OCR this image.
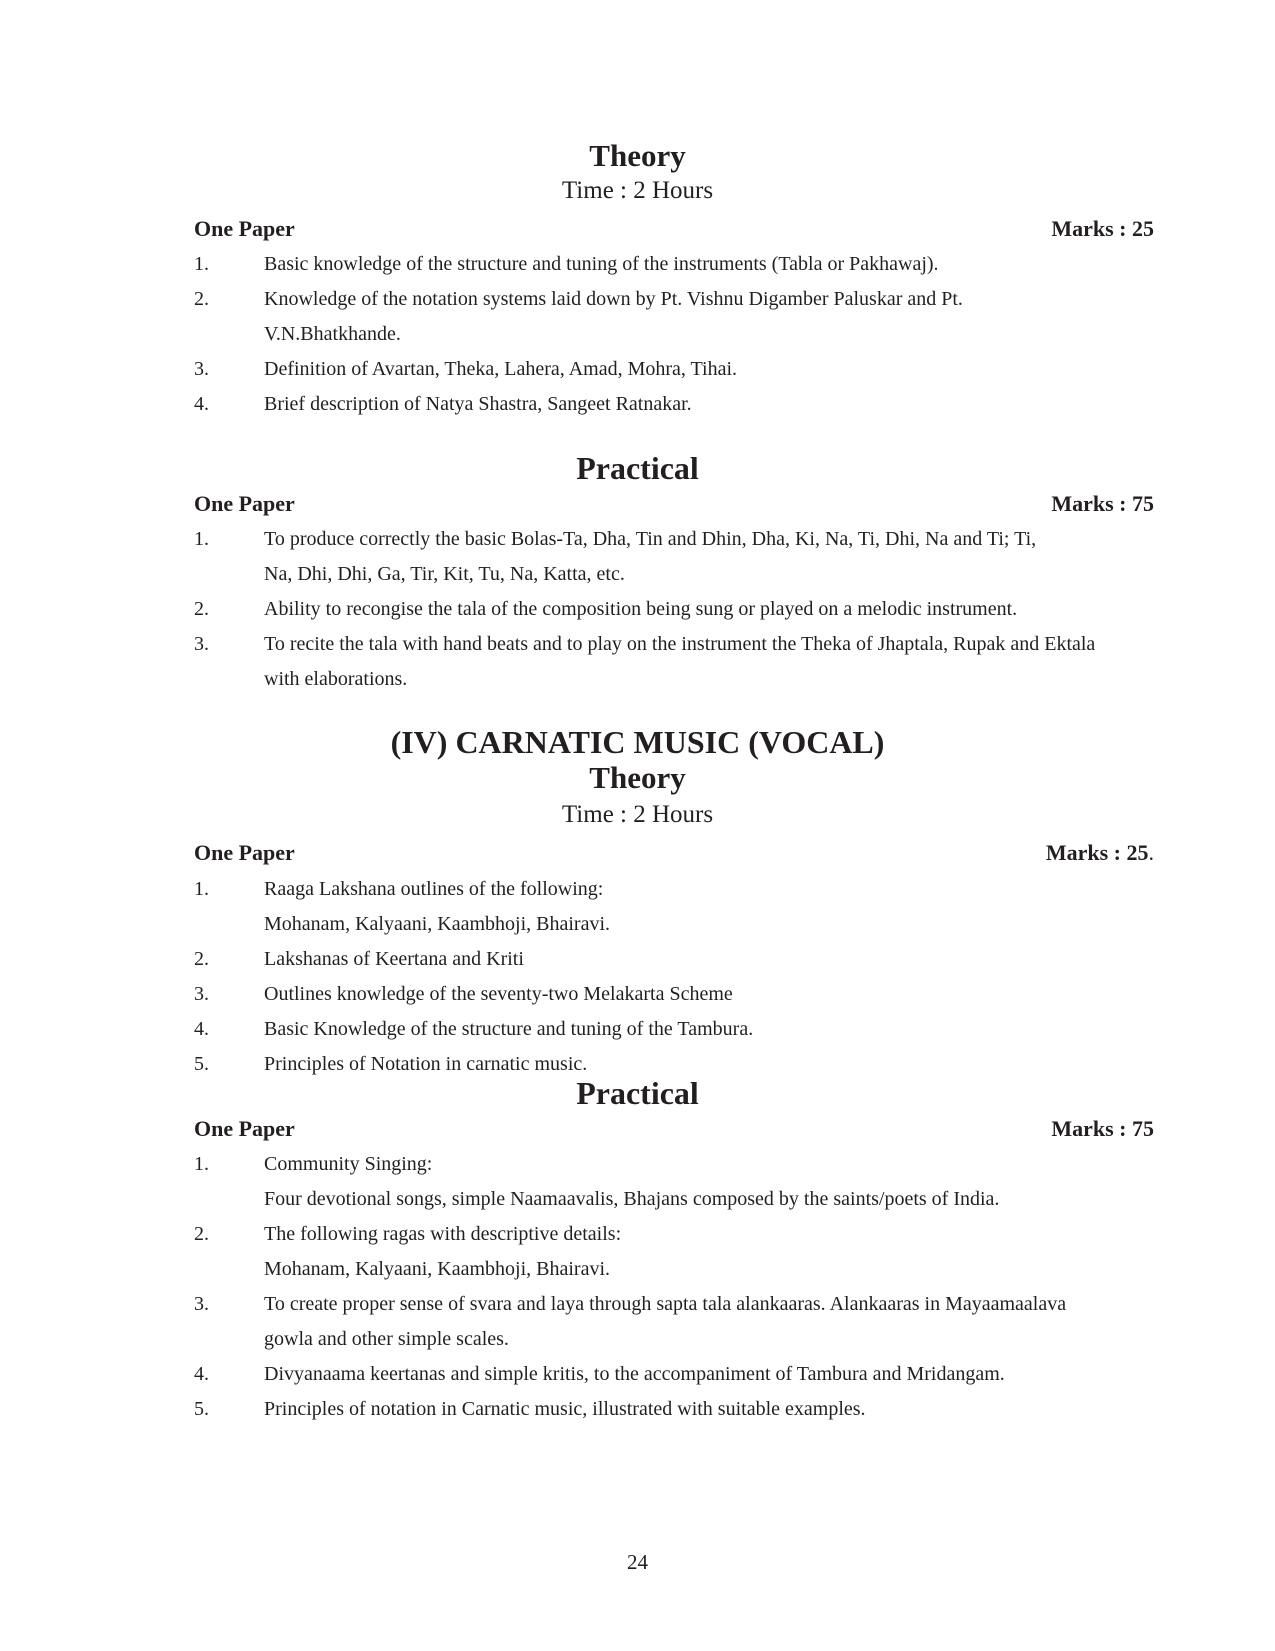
Theory
Time : 2 Hours
One Paper	Marks : 25
1.	Basic knowledge of the structure and tuning of the instruments (Tabla or Pakhawaj).
2.	Knowledge of the notation systems laid down by Pt. Vishnu Digamber Paluskar and Pt.
V.N.Bhatkhande.
3.	Definition of Avartan, Theka, Lahera, Amad, Mohra, Tihai.
4.	Brief description of Natya Shastra, Sangeet Ratnakar.
Practical
One Paper	Marks : 75
1.	To produce correctly the basic Bolas-Ta, Dha, Tin and Dhin, Dha, Ki, Na, Ti, Dhi, Na and Ti; Ti,
Na, Dhi, Dhi, Ga, Tir, Kit, Tu, Na, Katta, etc.
2.	Ability to recongise the tala of the composition being sung or played on a melodic instrument.
3.	To recite the tala with hand beats and to play on the instrument the Theka of Jhaptala, Rupak and Ektala
with elaborations.
(IV) CARNATIC MUSIC (VOCAL)
Theory
Time : 2 Hours
One Paper	Marks : 25.
1.	Raaga Lakshana outlines of the following:
Mohanam, Kalyaani, Kaambhoji, Bhairavi.
2.	Lakshanas of Keertana and Kriti
3.	Outlines knowledge of the seventy-two Melakarta Scheme
4.	Basic Knowledge of the structure and tuning of the Tambura.
5.	Principles of Notation in carnatic music.
Practical
One Paper	Marks : 75
1.	Community Singing:
Four devotional songs, simple Naamaavalis, Bhajans composed by the saints/poets of India.
2.	The following ragas with descriptive details:
Mohanam, Kalyaani, Kaambhoji, Bhairavi.
3.	To create proper sense of svara and laya through sapta tala alankaaras. Alankaaras in Mayaamaalava
gowla and other simple scales.
4.	Divyanaama keertanas and simple kritis, to the accompaniment of Tambura and Mridangam.
5.	Principles of notation in Carnatic music, illustrated with suitable examples.
24
